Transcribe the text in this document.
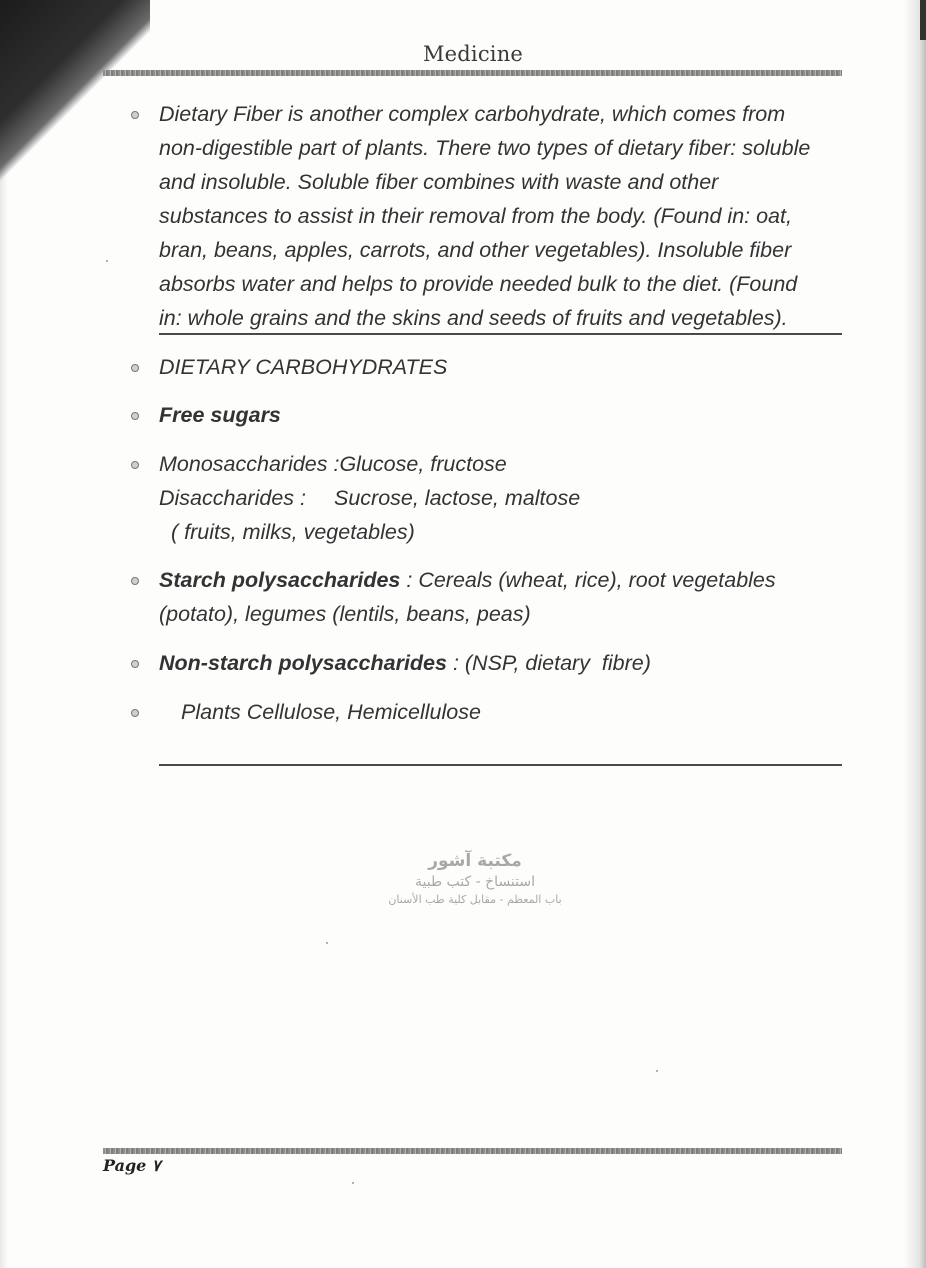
Medicine
Dietary Fiber is another complex carbohydrate, which comes from
non-digestible part of plants. There two types of dietary fiber: soluble
and insoluble. Soluble fiber combines with waste and other
substances to assist in their removal from the body. (Found in: oat,
bran, beans, apples, carrots, and other vegetables). Insoluble fiber
absorbs water and helps to provide needed bulk to the diet. (Found
in: whole grains and the skins and seeds of fruits and vegetables).
DIETARY CARBOHYDRATES
Free sugars
Monosaccharides :Glucose, fructose
Disaccharides : Sucrose, lactose, maltose
( fruits, milks, vegetables)
Starch polysaccharides : Cereals (wheat, rice), root vegetables
(potato), legumes (lentils, beans, peas)
Non-starch polysaccharides : (NSP, dietary  fibre)
Plants Cellulose, Hemicellulose
مكتبة آشور
استنساخ - كتب طبية
باب المعظم - مقابل كلية طب الأسنان
Page ٧
